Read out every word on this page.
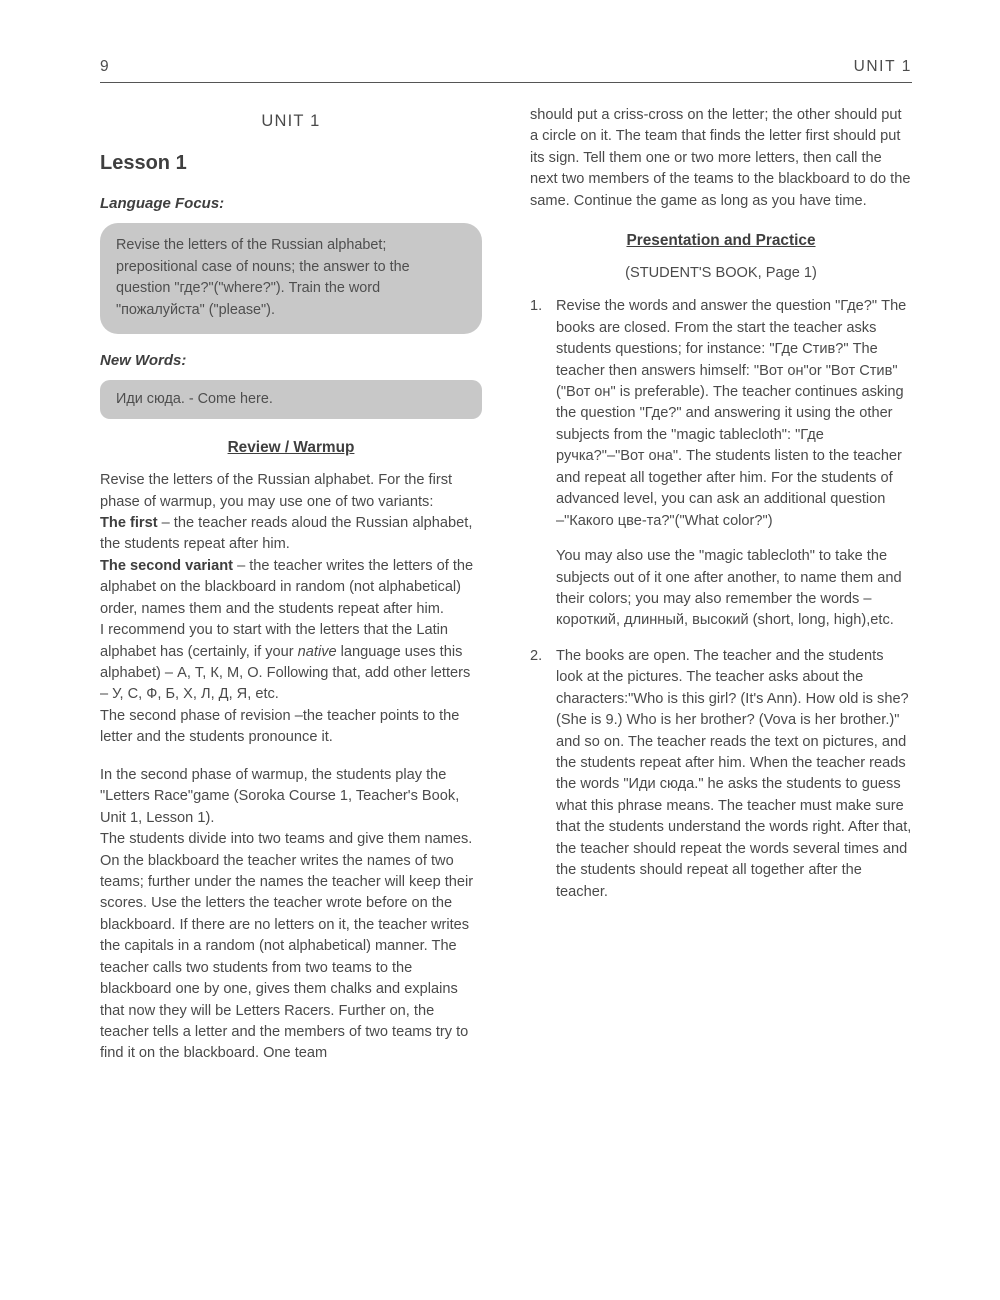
9	UNIT 1
UNIT 1
Lesson 1
Language Focus:
Revise the letters of the Russian alphabet; prepositional case of nouns; the answer to the question "где?"("where?"). Train the word "пожалуйста" ("please").
New Words:
Иди сюда. - Come here.
Review / Warmup

Revise the letters of the Russian alphabet. For the first phase of warmup, you may use one of two variants:

The first – the teacher reads aloud the Russian alphabet, the students repeat after him.

The second variant – the teacher writes the letters of the alphabet on the blackboard in random (not alphabetical) order, names them and the students repeat after him.

I recommend you to start with the letters that the Latin alphabet has (certainly, if your native language uses this alphabet) – А, Т, К, М, О. Following that, add other letters – У, С, Ф, Б, Х, Л, Д, Я, etc.

The second phase of revision –the teacher points to the letter and the students pronounce it.

In the second phase of warmup, the students play the "Letters Race"game (Soroka Course 1, Teacher's Book, Unit 1, Lesson 1).

The students divide into two teams and give them names. On the blackboard the teacher writes the names of two teams; further under the names the teacher will keep their scores. Use the letters the teacher wrote before on the blackboard. If there are no letters on it, the teacher writes the capitals in a random (not alphabetical) manner. The teacher calls two students from two teams to the blackboard one by one, gives them chalks and explains that now they will be Letters Racers. Further on, the teacher tells a letter and the members of two teams try to find it on the blackboard. One team

should put a criss-cross on the letter; the other should put a circle on it. The team that finds the letter first should put its sign. Tell them one or two more letters, then call the next two members of the teams to the blackboard to do the same. Continue the game as long as you have time.

Presentation and Practice
(STUDENT'S BOOK, Page 1)
1. Revise the words and answer the question "Где?" The books are closed. From the start the teacher asks students questions; for instance: "Где Стив?" The teacher then answers himself: "Вот он"or "Вот Стив" ("Вот он" is preferable). The teacher continues asking the question "Где?" and answering it using the other subjects from the "magic tablecloth": "Где ручка?"–"Вот она". The students listen to the teacher and repeat all together after him. For the students of advanced level, you can ask an additional question –"Какого цве-та?"("What color?")

You may also use the "magic tablecloth" to take the subjects out of it one after another, to name them and their colors; you may also remember the words – короткий, длинный, высокий (short, long, high),etc.

2. The books are open. The teacher and the students look at the pictures. The teacher asks about the characters:"Who is this girl? (It's Ann). How old is she? (She is 9.) Who is her brother? (Vova is her brother.)" and so on. The teacher reads the text on pictures, and the students repeat after him. When the teacher reads the words "Иди сюда." he asks the students to guess what this phrase means. The teacher must make sure that the students understand the words right. After that, the teacher should repeat the words several times and the students should repeat all together after the teacher.
